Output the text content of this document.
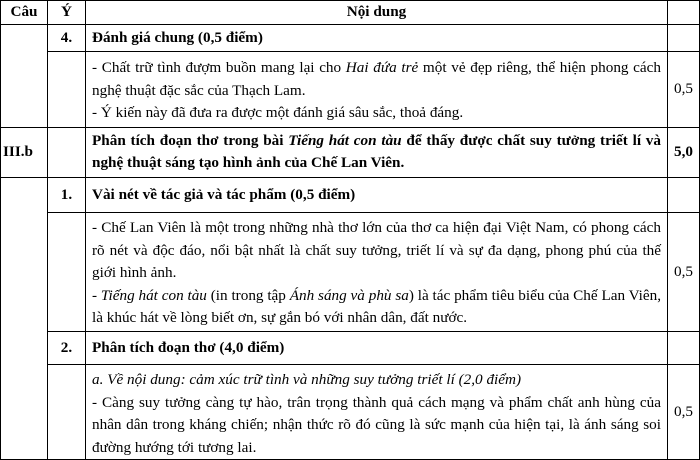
Câu	Ý	Nội dung	
	4.	Đánh giá chung (0,5 điểm)	

		- Chất trữ tình đượm buồn mang lại cho Hai đứa trẻ một vẻ đẹp riêng, thể hiện phong cách nghệ thuật đặc sắc của Thạch Lam.
- Ý kiến này đã đưa ra được một đánh giá sâu sắc, thoả đáng.	0,5
III.b		Phân tích đoạn thơ trong bài Tiếng hát con tàu để thấy được chất suy tưởng triết lí và nghệ thuật sáng tạo hình ảnh của Chế Lan Viên.	5,0
	1.	Vài nét về tác giả và tác phẩm (0,5 điểm)	

		- Chế Lan Viên là một trong những nhà thơ lớn của thơ ca hiện đại Việt Nam, có phong cách rõ nét và độc đáo, nổi bật nhất là chất suy tưởng, triết lí và sự đa dạng, phong phú của thế giới hình ảnh.
- Tiếng hát con tàu (in trong tập Ánh sáng và phù sa) là tác phẩm tiêu biểu của Chế Lan Viên, là khúc hát về lòng biết ơn, sự gắn bó với nhân dân, đất nước.	0,5
	2.	Phân tích đoạn thơ (4,0 điểm)	

		a. Về nội dung: cảm xúc trữ tình và những suy tưởng triết lí (2,0 điểm)
- Càng suy tưởng càng tự hào, trân trọng thành quả cách mạng và phẩm chất anh hùng của nhân dân trong kháng chiến; nhận thức rõ đó cũng là sức mạnh của hiện tại, là ánh sáng soi đường hướng tới tương lai.	0,5
